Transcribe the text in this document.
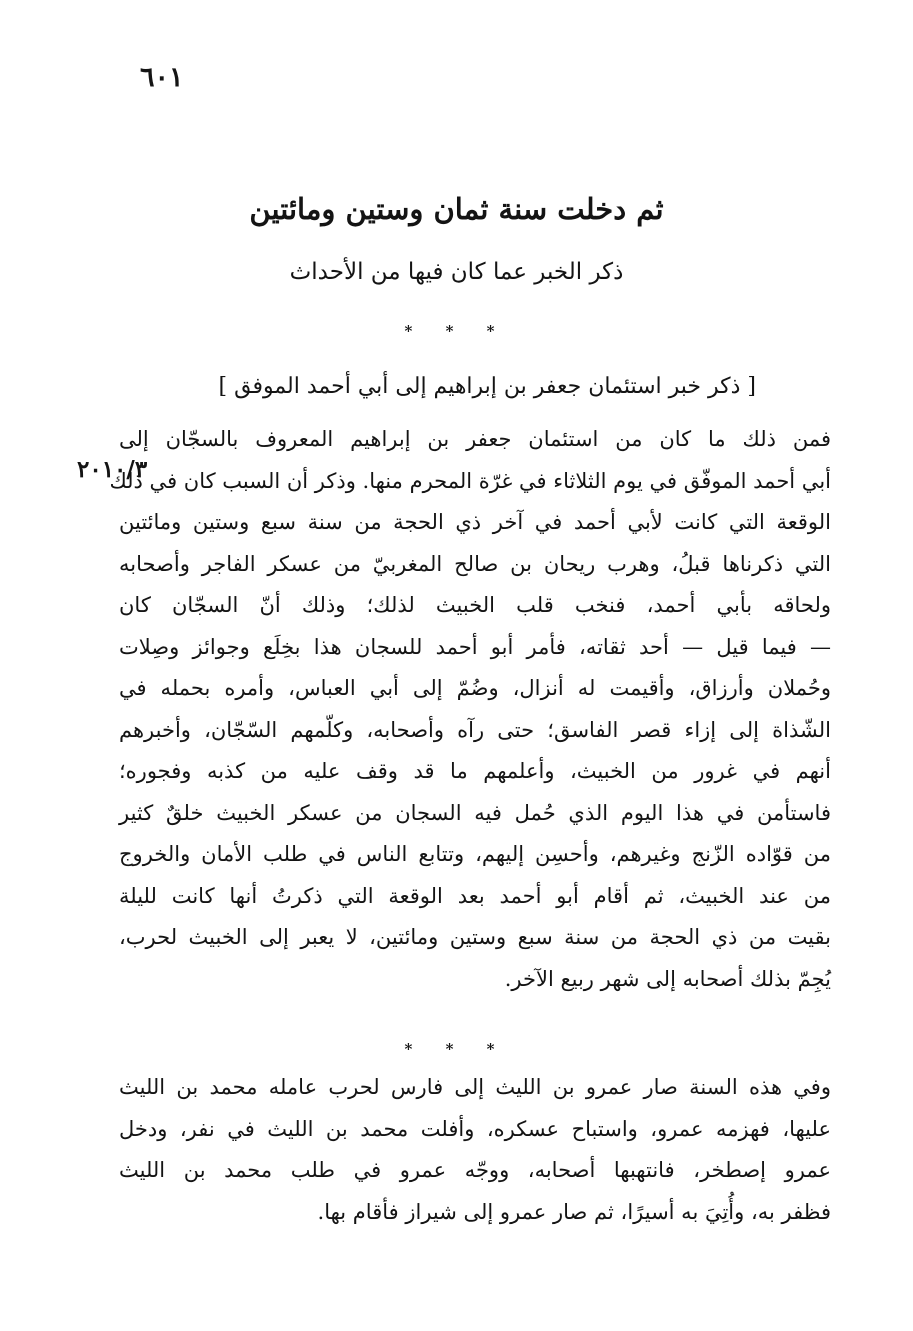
٦٠١
ثم دخلت سنة ثمان وستين ومائتين
ذكر الخبر عما كان فيها من الأحداث
* * *
[ ذكر خبر استئمان جعفر بن إبراهيم إلى أبي أحمد الموفق ]
٢٠١٠/٣
فمن ذلك ما كان من استئمان جعفر بن إبراهيم المعروف بالسجّان إلى
أبي أحمد الموفّق في يوم الثلاثاء في غرّة المحرم منها. وذكر أن السبب كان في ذلك
الوقعة التي كانت لأبي أحمد في آخر ذي الحجة من سنة سبع وستين ومائتين
التي ذكرناها قبلُ، وهرب ريحان بن صالح المغربيّ من عسكر الفاجر وأصحابه
ولحاقه بأبي أحمد، فنخب قلب الخبيث لذلك؛ وذلك أنّ السجّان كان
— فيما قيل — أحد ثقاته، فأمر أبو أحمد للسجان هذا بخِلَع وجوائز وصِلات
وحُملان وأرزاق، وأقيمت له أنزال، وضُمّ إلى أبي العباس، وأمره بحمله في
الشّذاة إلى إزاء قصر الفاسق؛ حتى رآه وأصحابه، وكلّمهم السّجّان، وأخبرهم
أنهم في غرور من الخبيث، وأعلمهم ما قد وقف عليه من كذبه وفجوره؛
فاستأمن في هذا اليوم الذي حُمل فيه السجان من عسكر الخبيث خلقٌ كثير
من قوّاده الزّنج وغيرهم، وأحسِن إليهم، وتتابع الناس في طلب الأمان والخروج
من عند الخبيث، ثم أقام أبو أحمد بعد الوقعة التي ذكرتُ أنها كانت لليلة
بقيت من ذي الحجة من سنة سبع وستين ومائتين، لا يعبر إلى الخبيث لحرب،
يُجِمّ بذلك أصحابه إلى شهر ربيع الآخر.
* * *
وفي هذه السنة صار عمرو بن الليث إلى فارس لحرب عامله محمد بن الليث
عليها، فهزمه عمرو، واستباح عسكره، وأفلت محمد بن الليث في نفر، ودخل
عمرو إصطخر، فانتهبها أصحابه، ووجّه عمرو في طلب محمد بن الليث
فظفر به، وأُتِيَ به أسيرًا، ثم صار عمرو إلى شيراز فأقام بها.
